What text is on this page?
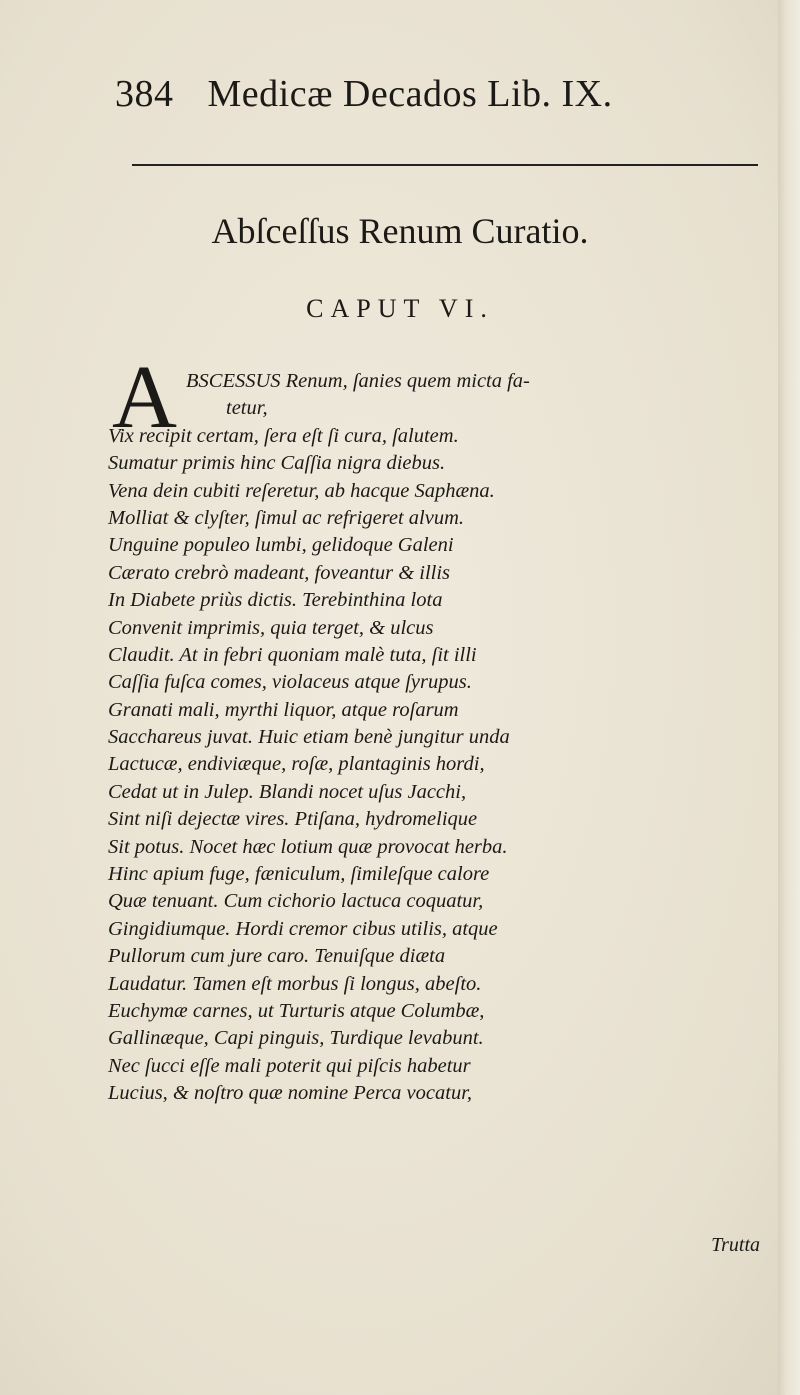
384 Medicæ Decados Lib. IX.
Abſceſſus Renum Curatio.
CAPUT VI.
A BSCESSUS Renum, ſanies quem micta fa-
tetur,
Vix recipit certam, ſera eſt ſi cura, ſalutem.
Sumatur primis hinc Caſſia nigra diebus.
Vena dein cubiti reſeretur, ab hacque Saphæna.
Molliat & clyſter, ſimul ac refrigeret alvum.
Unguine populeo lumbi, gelidoque Galeni
Cærato crebrò madeant, foveantur & illis
In Diabete priùs dictis. Terebinthina lota
Convenit imprimis, quia terget, & ulcus
Claudit. At in febri quoniam malè tuta, ſit illi
Caſſia fuſca comes, violaceus atque ſyrupus.
Granati mali, myrthi liquor, atque roſarum
Sacchareus juvat. Huic etiam benè jungitur unda
Lactucæ, endiviæque, roſæ, plantaginis hordi,
Cedat ut in Julep. Blandi nocet uſus Jacchi,
Sint niſi dejectæ vires. Ptiſana, hydromelique
Sit potus. Nocet hæc lotium quæ provocat herba.
Hinc apium fuge, fæniculum, ſimileſque calore
Quæ tenuant. Cum cichorio lactuca coquatur,
Gingidiumque. Hordi cremor cibus utilis, atque
Pullorum cum jure caro. Tenuiſque diæta
Laudatur. Tamen eſt morbus ſi longus, abeſto.
Euchymæ carnes, ut Turturis atque Columbæ,
Gallinæque, Capi pinguis, Turdique levabunt.
Nec ſucci eſſe mali poterit qui piſcis habetur
Lucius, & noſtro quæ nomine Perca vocatur,
Trutta
